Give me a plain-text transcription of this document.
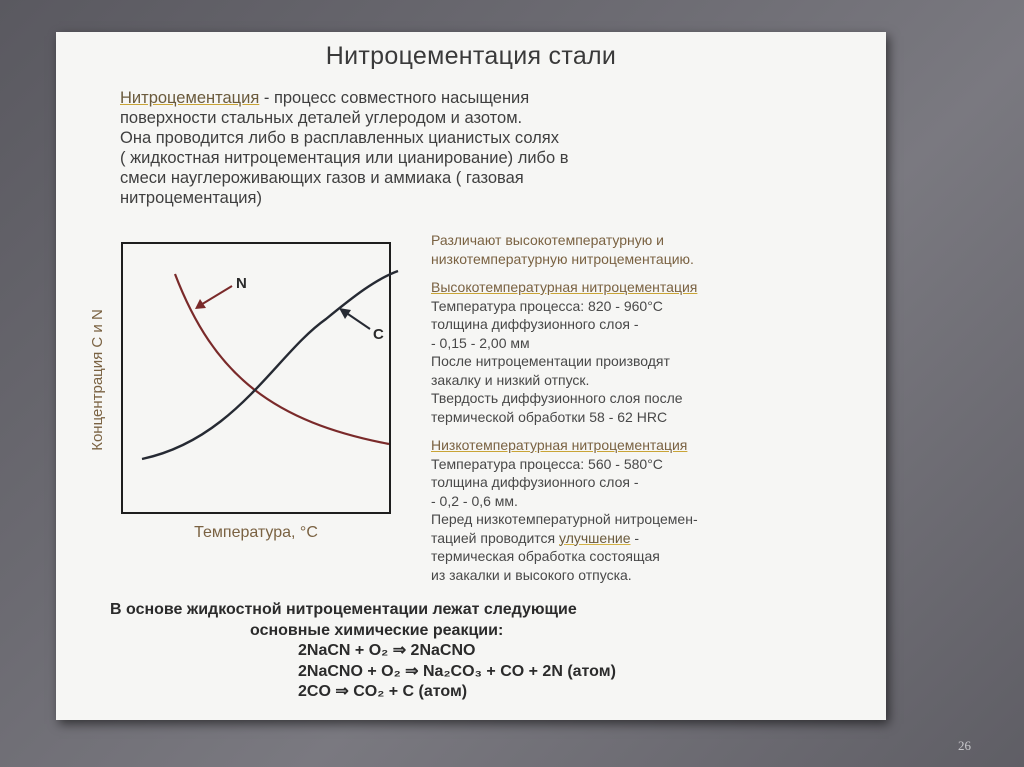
Нитроцементация стали

Нитроцементация - процесс совместного насыщения
поверхности стальных деталей углеродом и азотом.
Она проводится либо в расплавленных цианистых солях
( жидкостная нитроцементация или цианирование) либо в
смеси науглероживающих газов и аммиака ( газовая
нитроцементация)

Концентрация C и N
N
C
Температура, °C

Различают высокотемпературную и

низкотемпературную нитроцементацию.

Высокотемпературная нитроцементация

Температура процесса: 820 - 960°C

толщина диффузионного слоя -

- 0,15 - 2,00 мм

После нитроцементации производят

закалку и низкий отпуск.

Твердость диффузионного слоя после

термической обработки 58 - 62 HRC

Низкотемпературная нитроцементация

Температура процесса: 560 - 580°C

толщина диффузионного слоя -

- 0,2 - 0,6 мм.

Перед низкотемпературной нитроцемен-

тацией проводится улучшение -

термическая обработка состоящая

из закалки и высокого отпуска.

В основе жидкостной нитроцементации лежат следующие
основные химические реакции:
2NaCN + O₂ ⇒ 2NaCNO
2NaCNO + O₂ ⇒ Na₂CO₃ + CO + 2N (атом)
2CO ⇒ CO₂ + C (атом)
26
